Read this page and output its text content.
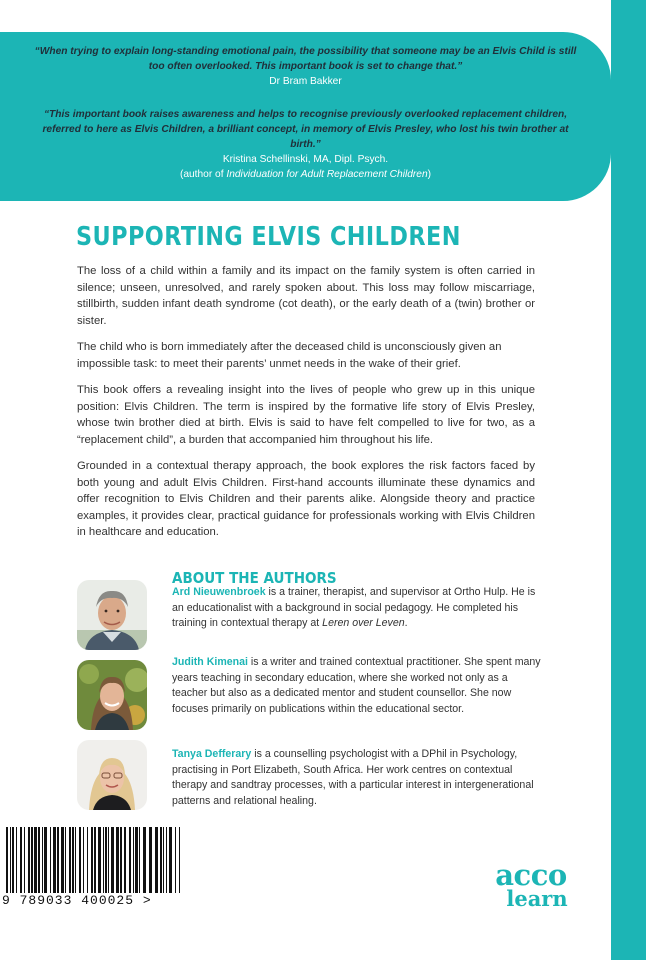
“When trying to explain long-standing emotional pain, the possibility that someone may be an Elvis Child is still too often overlooked. This important book is set to change that.”

Dr Bram Bakker

“This important book raises awareness and helps to recognise previously overlooked replacement children, referred to here as Elvis Children, a brilliant concept, in memory of Elvis Presley, who lost his twin brother at birth.”

Kristina Schellinski, MA, Dipl. Psych.

(author of Individuation for Adult Replacement Children)

SUPPORTING ELVIS CHILDREN

The loss of a child within a family and its impact on the family system is often carried in silence; unseen, unresolved, and rarely spoken about. This loss may follow miscarriage, stillbirth, sudden infant death syndrome (cot death), or the early death of a (twin) brother or sister.

The child who is born immediately after the deceased child is unconsciously given an impossible task: to meet their parents’ unmet needs in the wake of their grief.

This book offers a revealing insight into the lives of people who grew up in this unique position: Elvis Children. The term is inspired by the formative life story of Elvis Presley, whose twin brother died at birth. Elvis is said to have felt compelled to live for two, as a “replacement child”, a burden that accompanied him throughout his life.

Grounded in a contextual therapy approach, the book explores the risk factors faced by both young and adult Elvis Children. First-hand accounts illuminate these dynamics and offer recognition to Elvis Children and their parents alike. Alongside theory and practice examples, it provides clear, practical guidance for professionals working with Elvis Children in healthcare and education.

ABOUT THE AUTHORS

Ard Nieuwenbroek is a trainer, therapist, and supervisor at Ortho Hulp. He is an educationalist with a background in social pedagogy. He completed his training in contextual therapy at Leren over Leven.

Judith Kimenai is a writer and trained contextual practitioner. She spent many years teaching in secondary education, where she worked not only as a teacher but also as a dedicated mentor and student counsellor. She now focuses primarily on publications within the educational sector.

Tanya Defferary is a counselling psychologist with a DPhil in Psychology, practising in Port Elizabeth, South Africa. Her work centres on contextual therapy and sandtray processes, with a particular interest in intergenerational patterns and relational healing.

9 789033 400025 >
acco
learn
